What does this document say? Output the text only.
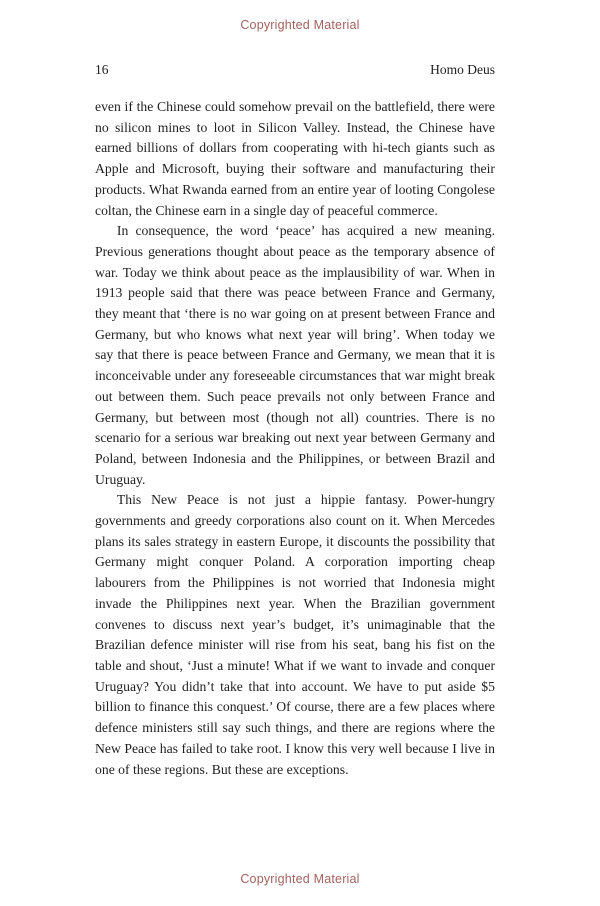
Copyrighted Material
16	Homo Deus

even if the Chinese could somehow prevail on the battlefield, there were no silicon mines to loot in Silicon Valley. Instead, the Chinese have earned billions of dollars from cooperating with hi-tech giants such as Apple and Microsoft, buying their software and manufacturing their products. What Rwanda earned from an entire year of looting Congolese coltan, the Chinese earn in a single day of peaceful commerce.

In consequence, the word ‘peace’ has acquired a new meaning. Previous generations thought about peace as the temporary absence of war. Today we think about peace as the implausibility of war. When in 1913 people said that there was peace between France and Germany, they meant that ‘there is no war going on at present between France and Germany, but who knows what next year will bring’. When today we say that there is peace between France and Germany, we mean that it is inconceivable under any foreseeable circumstances that war might break out between them. Such peace prevails not only between France and Germany, but between most (though not all) countries. There is no scenario for a serious war breaking out next year between Germany and Poland, between Indonesia and the Philippines, or between Brazil and Uruguay.

This New Peace is not just a hippie fantasy. Power-hungry governments and greedy corporations also count on it. When Mercedes plans its sales strategy in eastern Europe, it discounts the possibility that Germany might conquer Poland. A corporation importing cheap labourers from the Philippines is not worried that Indonesia might invade the Philippines next year. When the Brazilian government convenes to discuss next year’s budget, it’s unimaginable that the Brazilian defence minister will rise from his seat, bang his fist on the table and shout, ‘Just a minute! What if we want to invade and conquer Uruguay? You didn’t take that into account. We have to put aside $5 billion to finance this conquest.’ Of course, there are a few places where defence ministers still say such things, and there are regions where the New Peace has failed to take root. I know this very well because I live in one of these regions. But these are exceptions.

Copyrighted Material
